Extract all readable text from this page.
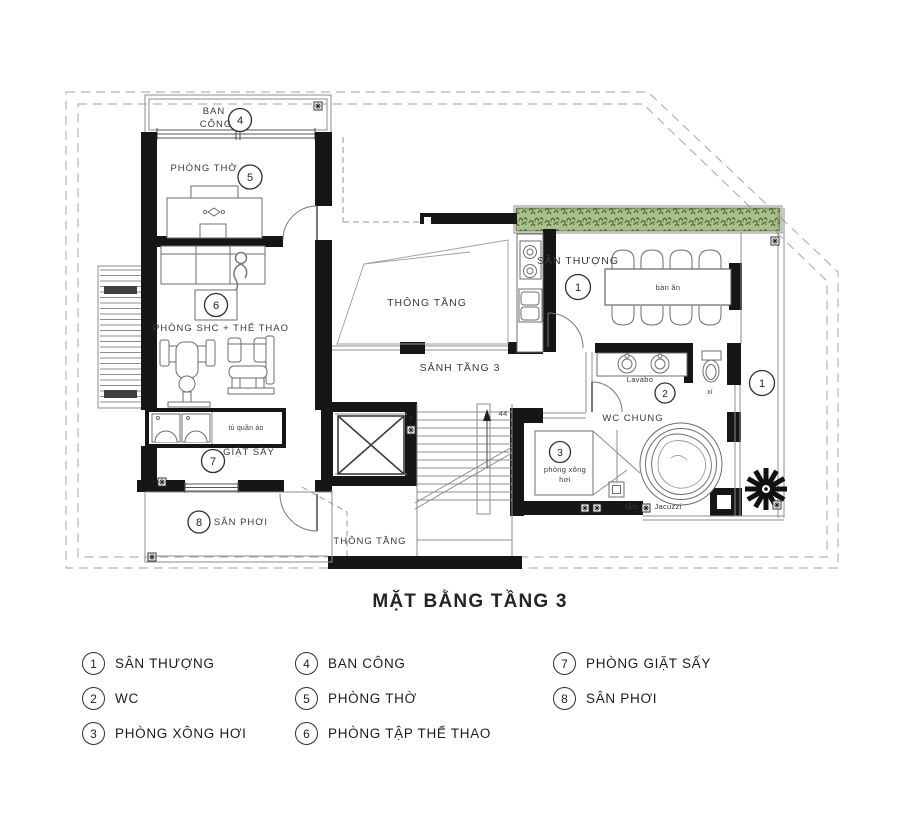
4
5
6
7
8
1
1
2
3
BAN
CÔNG
PHÒNG THỜ
PHÒNG SHC + THỂ THAO
THÔNG TẦNG
SẢNH TẦNG 3
SÂN THƯỢNG
bàn ăn
Lavabo
xí
WC CHUNG
phòng xông
hơi
tắm Jacuzzi
tủ quần áo
GIẶT SẤY
SÂN PHƠI
THÔNG TẦNG
44
MẶT BẰNG TẦNG 3
1	SÂN THƯỢNG
2	WC
3	PHÒNG XÔNG HƠI
4	BAN CÔNG
5	PHÒNG THỜ
6	PHÒNG TẬP THỂ THAO
7	PHÒNG GIẶT SẤY
8	SÂN PHƠI
